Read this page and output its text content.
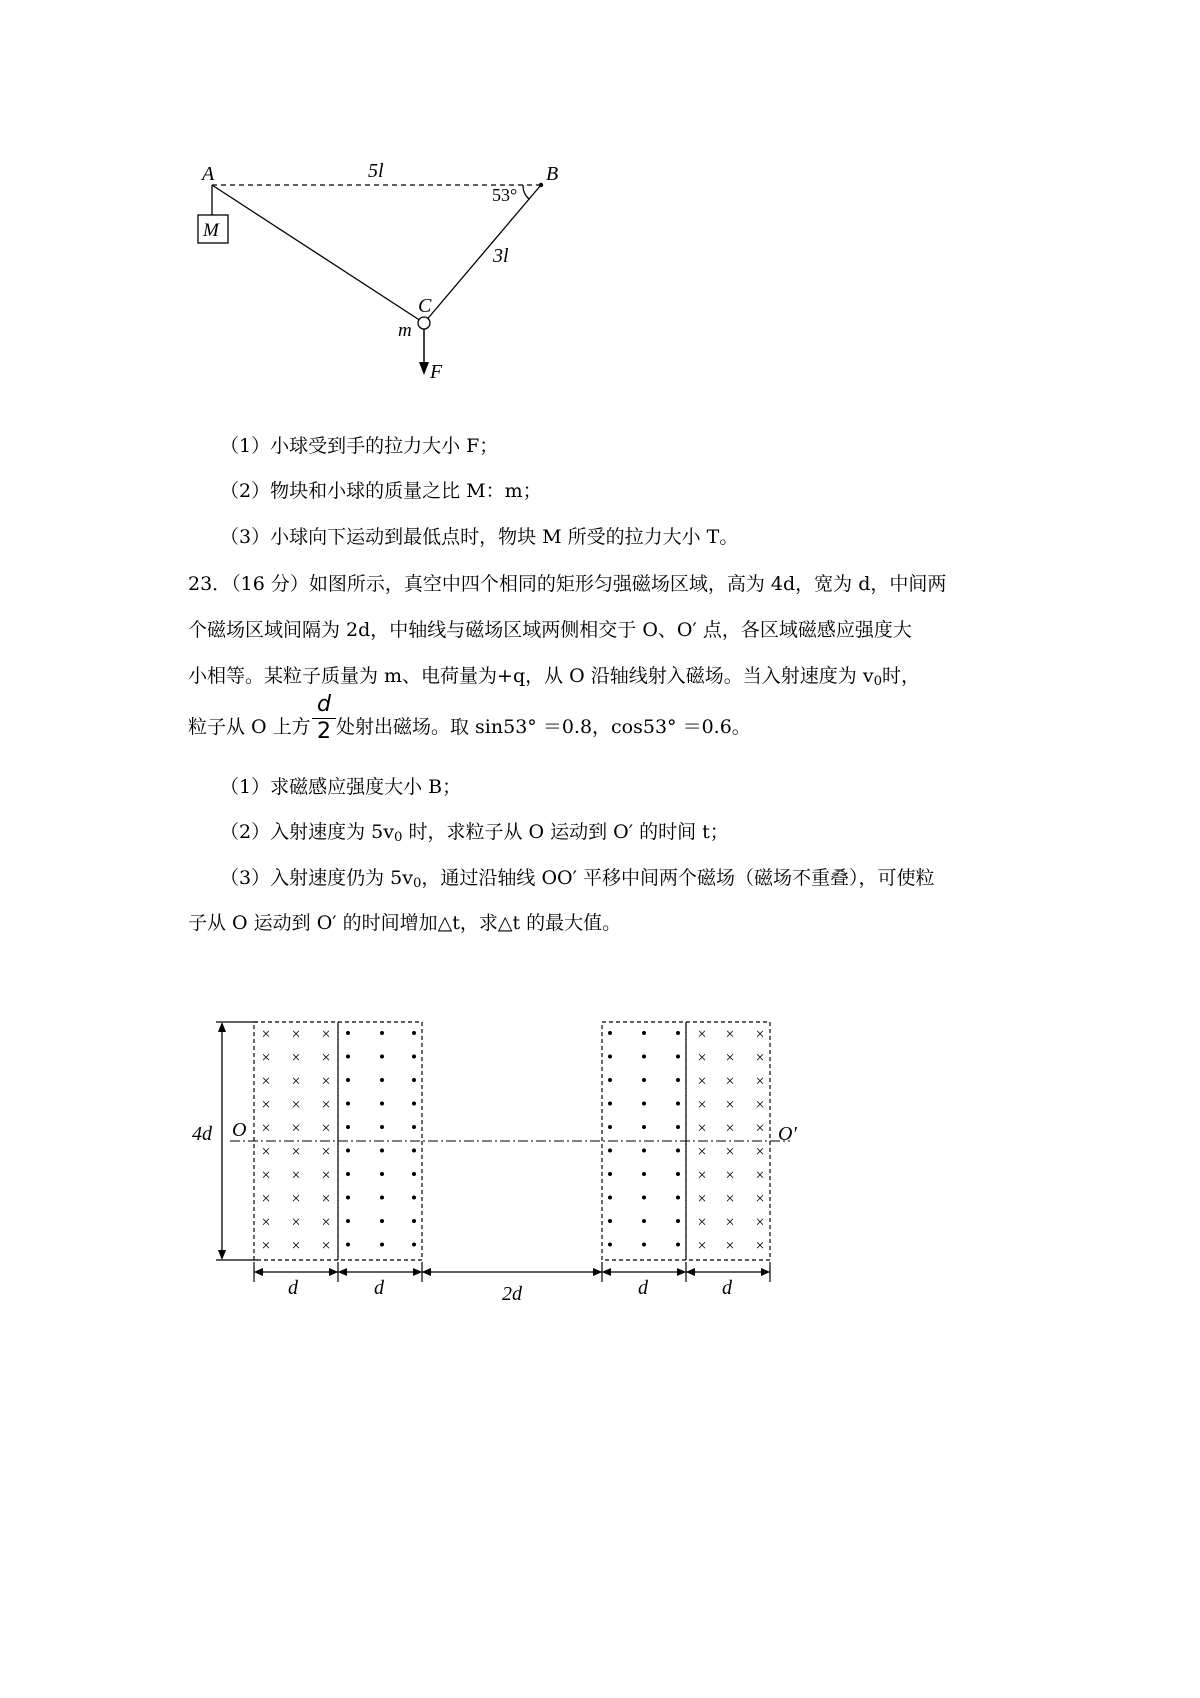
A	B
C
M
m
F
5l
3l
53°
（1）小球受到手的拉力大小 F；
（2）物块和小球的质量之比 M：m；
（3）小球向下运动到最低点时，物块 M 所受的拉力大小 T。
23．（16 分）如图所示，真空中四个相同的矩形匀强磁场区域，高为 4d，宽为 d，中间两
个磁场区域间隔为 2d，中轴线与磁场区域两侧相交于 O、O′ 点，各区域磁感应强度大
小相等。某粒子质量为 m、电荷量为+q，从 O 沿轴线射入磁场。当入射速度为 $v_0$时，
粒子从 O 上方
d
2 处射出磁场。取 sin53° ＝0.8，cos53° ＝0.6。
（1）求磁感应强度大小 B；
（2）入射速度为 $5v_0$ 时，求粒子从 O 运动到 O′ 的时间 t；
（3）入射速度仍为 $5v_0$，通过沿轴线 OO′ 平移中间两个磁场（磁场不重叠），可使粒
子从 O 运动到 O′ 的时间增加△t，求△t 的最大值。
4d O	O′
× × ×
× × ×
× × ×
× × ×
× × ×
× × ×
× × ×
× × ×
× × ×
× × ×
× × ×
× × ×
× × ×
× × ×
× × ×
× × ×
× × ×
× × ×
× × ×
× × ×
d	d	2d	d	d
